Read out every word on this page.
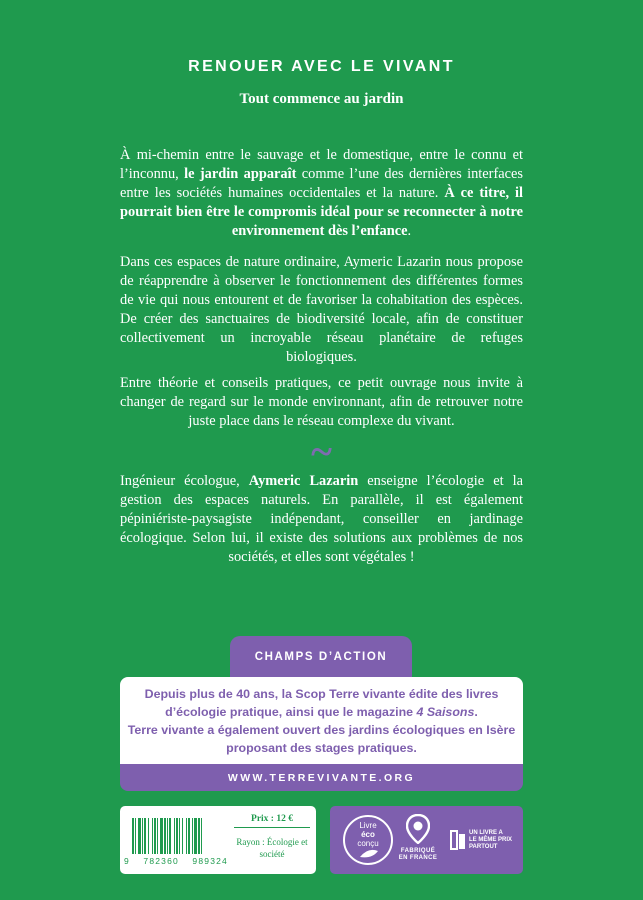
RENOUER AVEC LE VIVANT
Tout commence au jardin

À mi-chemin entre le sauvage et le domestique, entre le connu et l’inconnu, le jardin apparaît comme l’une des dernières interfaces entre les sociétés humaines occidentales et la nature. À ce titre, il pourrait bien être le compromis idéal pour se reconnecter à notre environnement dès l’enfance.

Dans ces espaces de nature ordinaire, Aymeric Lazarin nous propose de réapprendre à observer le fonctionnement des différentes formes de vie qui nous entourent et de favoriser la cohabitation des espèces. De créer des sanctuaires de biodiversité locale, afin de constituer collectivement un incroyable réseau planétaire de refuges biologiques.

Entre théorie et conseils pratiques, ce petit ouvrage nous invite à changer de regard sur le monde environnant, afin de retrouver notre juste place dans le réseau complexe du vivant.

~

Ingénieur écologue, Aymeric Lazarin enseigne l’écologie et la gestion des espaces naturels. En parallèle, il est également pépiniériste-paysagiste indépendant, conseiller en jardinage écologique. Selon lui, il existe des solutions aux problèmes de nos sociétés, et elles sont végétales !

CHAMPS D’ACTION

Depuis plus de 40 ans, la Scop Terre vivante édite des livres d’écologie pratique, ainsi que le magazine 4 Saisons.
Terre vivante a également ouvert des jardins écologiques en Isère proposant des stages pratiques.

WWW.TERREVIVANTE.ORG
9 782360 989324
Prix : 12 €
Rayon : Écologie et société
Livre
éco
conçu
FABRIQUÉ
EN FRANCE
UN LIVRE A
LE MÊME PRIX
PARTOUT
